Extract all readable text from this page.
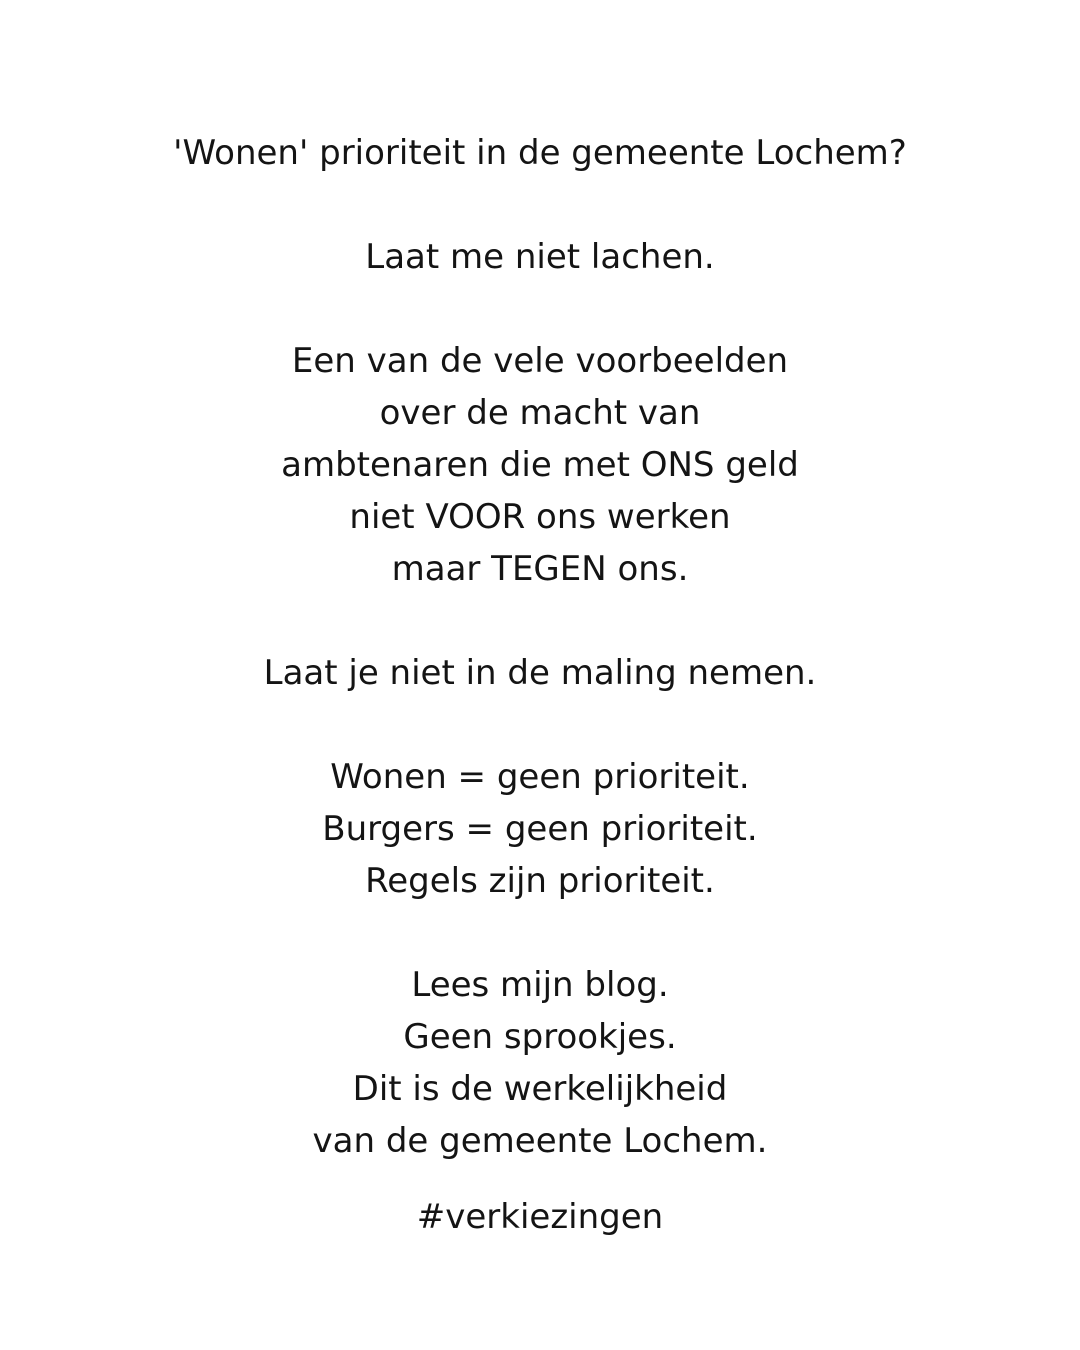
'Wonen' prioriteit in de gemeente Lochem?
Laat me niet lachen.
Een van de vele voorbeelden
over de macht van
ambtenaren die met ONS geld
niet VOOR ons werken
maar TEGEN ons.
Laat je niet in de maling nemen.
Wonen = geen prioriteit.
Burgers = geen prioriteit.
Regels zijn prioriteit.
Lees mijn blog.
Geen sprookjes.
Dit is de werkelijkheid
van de gemeente Lochem.
#verkiezingen
